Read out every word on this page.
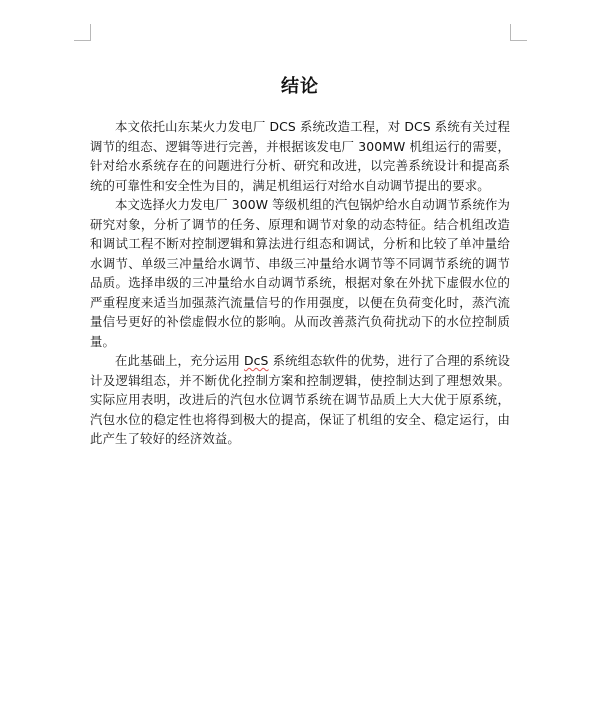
结论

本文依托山东某火力发电厂 DCS 系统改造工程，对 DCS 系统有关过程调节的组态、逻辑等进行完善，并根据该发电厂 300MW 机组运行的需要，针对给水系统存在的问题进行分析、研究和改进，以完善系统设计和提高系统的可靠性和安全性为目的，满足机组运行对给水自动调节提出的要求。

本文选择火力发电厂 300W 等级机组的汽包锅炉给水自动调节系统作为研究对象，分析了调节的任务、原理和调节对象的动态特征。结合机组改造和调试工程不断对控制逻辑和算法进行组态和调试，分析和比较了单冲量给水调节、单级三冲量给水调节、串级三冲量给水调节等不同调节系统的调节品质。选择串级的三冲量给水自动调节系统，根据对象在外扰下虚假水位的严重程度来适当加强蒸汽流量信号的作用强度，以便在负荷变化时，蒸汽流量信号更好的补偿虚假水位的影响。从而改善蒸汽负荷扰动下的水位控制质量。

在此基础上，充分运用 DcS 系统组态软件的优势，进行了合理的系统设计及逻辑组态，并不断优化控制方案和控制逻辑，使控制达到了理想效果。实际应用表明，改进后的汽包水位调节系统在调节品质上大大优于原系统，汽包水位的稳定性也将得到极大的提高，保证了机组的安全、稳定运行，由此产生了较好的经济效益。
